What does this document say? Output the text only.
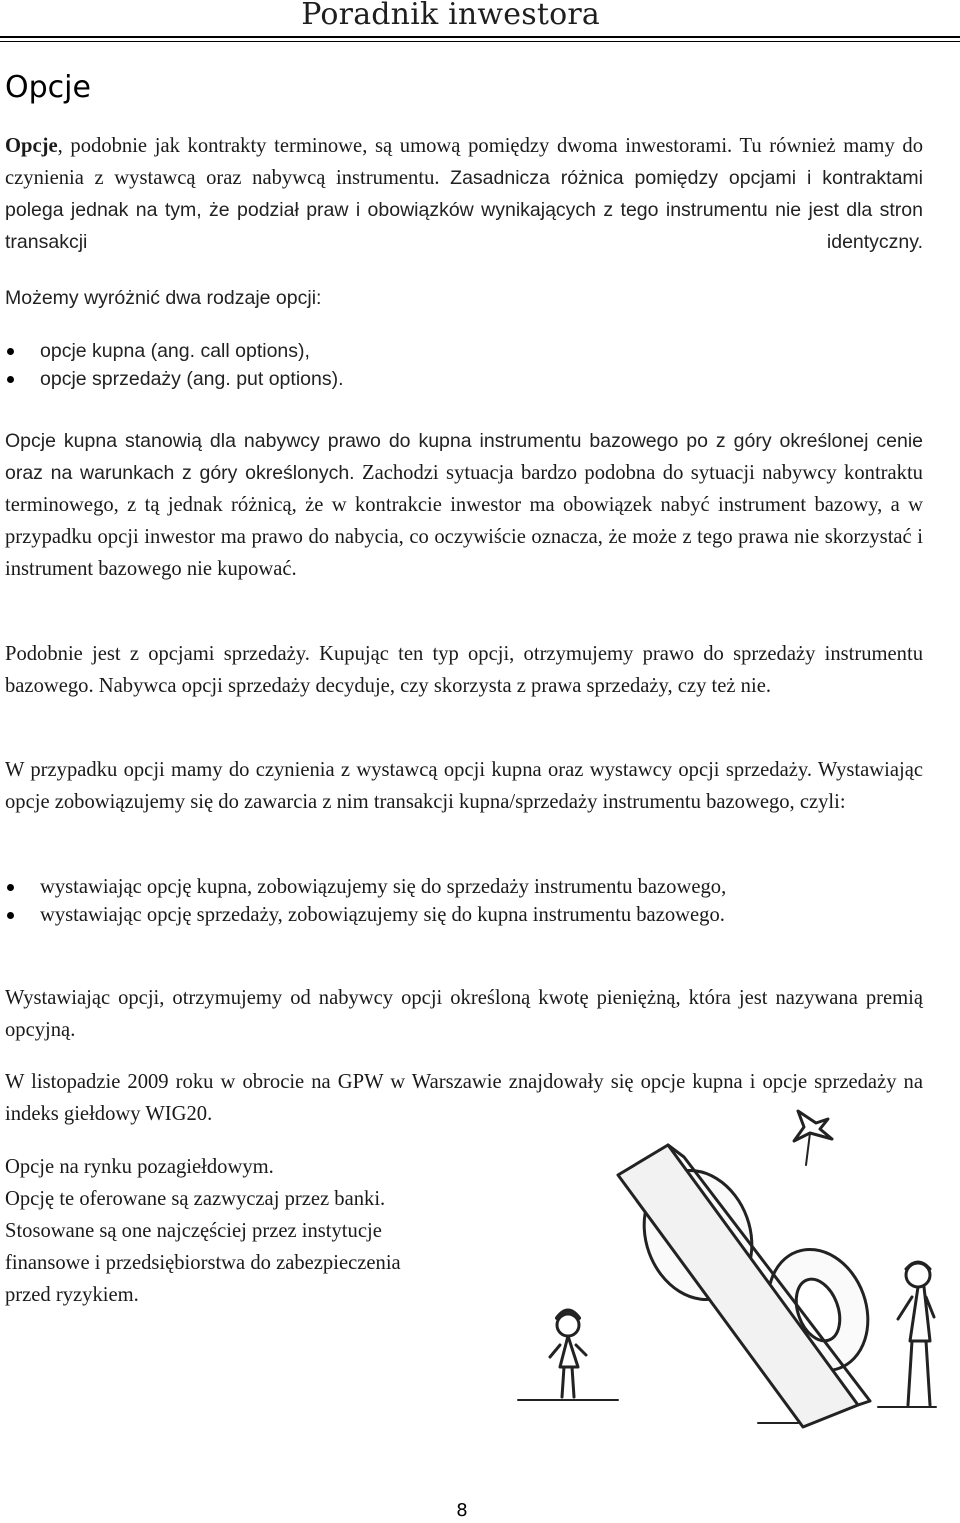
Poradnik inwestora
Opcje

Opcje, podobnie jak kontrakty terminowe, są umową pomiędzy dwoma inwestorami. Tu również mamy do czynienia z wystawcą oraz nabywcą instrumentu. Zasadnicza różnica pomiędzy opcjami i kontraktami polega jednak na tym, że podział praw i obowiązków wynikających z tego instrumentu nie jest dla stron transakcji identyczny.

Możemy wyróżnić dwa rodzaje opcji:

opcje kupna (ang. call options),
opcje sprzedaży (ang. put options).

Opcje kupna stanowią dla nabywcy prawo do kupna instrumentu bazowego po z góry określonej cenie oraz na warunkach z góry określonych. Zachodzi sytuacja bardzo podobna do sytuacji nabywcy kontraktu terminowego, z tą jednak różnicą, że w kontrakcie inwestor ma obowiązek nabyć instrument bazowy, a w przypadku opcji inwestor ma prawo do nabycia, co oczywiście oznacza, że może z tego prawa nie skorzystać i instrument bazowego nie kupować.

Podobnie jest z opcjami sprzedaży. Kupując ten typ opcji, otrzymujemy prawo do sprzedaży instrumentu bazowego. Nabywca opcji sprzedaży decyduje, czy skorzysta z prawa sprzedaży, czy też nie.

W przypadku opcji mamy do czynienia z wystawcą opcji kupna oraz wystawcy opcji sprzedaży. Wystawiając opcje zobowiązujemy się do zawarcia z nim transakcji kupna/sprzedaży instrumentu bazowego, czyli:

wystawiając opcję kupna, zobowiązujemy się do sprzedaży instrumentu bazowego,
wystawiając opcję sprzedaży, zobowiązujemy się do kupna instrumentu bazowego.

Wystawiając opcji, otrzymujemy od nabywcy opcji określoną kwotę pieniężną, która jest nazywana premią opcyjną.

W listopadzie 2009 roku w obrocie na GPW w Warszawie znajdowały się opcje kupna i opcje sprzedaży na indeks giełdowy WIG20.

Opcje na rynku pozagiełdowym.
Opcję te oferowane są zazwyczaj przez banki.
Stosowane są one najczęściej przez instytucje
finansowe i przedsiębiorstwa do zabezpieczenia
przed ryzykiem.
8
